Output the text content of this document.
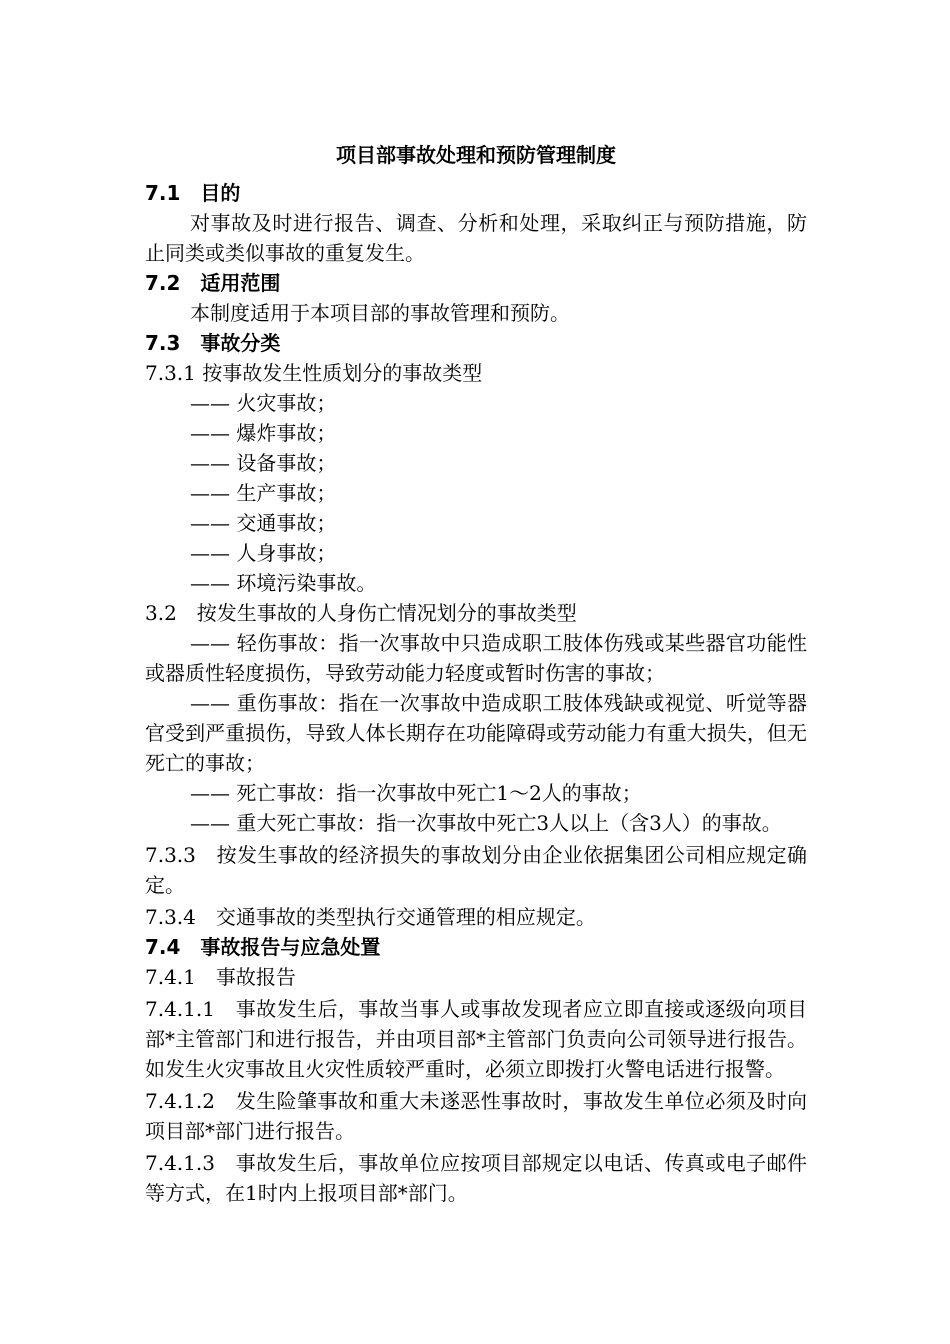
项目部事故处理和预防管理制度
7.1　目的
对事故及时进行报告、调查、分析和处理，采取纠正与预防措施，防止同类或类似事故的重复发生。
7.2　适用范围
本制度适用于本项目部的事故管理和预防。
7.3　事故分类
7.3.1 按事故发生性质划分的事故类型
—— 火灾事故；
—— 爆炸事故；
—— 设备事故；
—— 生产事故；
—— 交通事故；
—— 人身事故；
—— 环境污染事故。
3.2　按发生事故的人身伤亡情况划分的事故类型
—— 轻伤事故：指一次事故中只造成职工肢体伤残或某些器官功能性或器质性轻度损伤，导致劳动能力轻度或暂时伤害的事故；
—— 重伤事故：指在一次事故中造成职工肢体残缺或视觉、听觉等器官受到严重损伤，导致人体长期存在功能障碍或劳动能力有重大损失，但无死亡的事故；
—— 死亡事故：指一次事故中死亡1～2人的事故；
—— 重大死亡事故：指一次事故中死亡3人以上（含3人）的事故。
7.3.3　按发生事故的经济损失的事故划分由企业依据集团公司相应规定确定。
7.3.4　交通事故的类型执行交通管理的相应规定。
7.4　事故报告与应急处置
7.4.1　事故报告
7.4.1.1　事故发生后，事故当事人或事故发现者应立即直接或逐级向项目部*主管部门和进行报告，并由项目部*主管部门负责向公司领导进行报告。如发生火灾事故且火灾性质较严重时，必须立即拨打火警电话进行报警。
7.4.1.2　发生险肇事故和重大未遂恶性事故时，事故发生单位必须及时向项目部*部门进行报告。
7.4.1.3　事故发生后，事故单位应按项目部规定以电话、传真或电子邮件等方式，在1时内上报项目部*部门。
